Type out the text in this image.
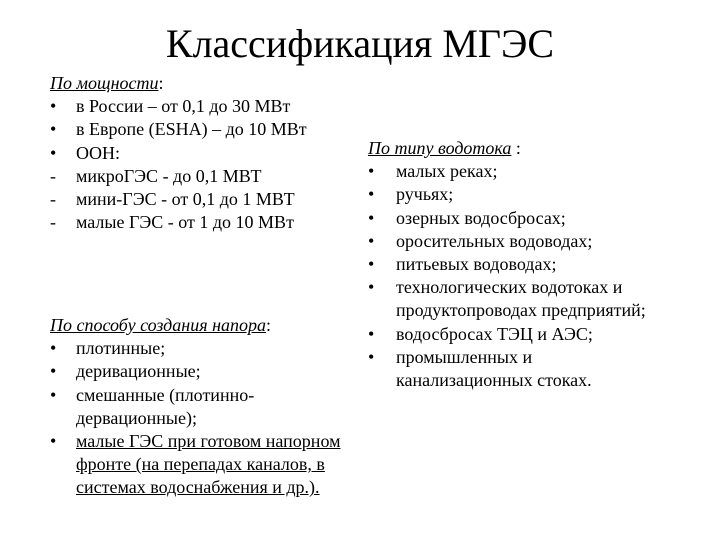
Классификация МГЭС
По мощности:
•	в России – от 0,1 до 30 МВт
•	в Европе (ESHA) – до 10 МВт
•	ООН:
-	микроГЭС - до 0,1 МВТ
-	мини-ГЭС - от 0,1 до 1 МВТ
-	малые ГЭС - от 1 до 10 МВт
По способу создания напора:
•	плотинные;
•	деривационные;
•	смешанные (плотинно-дервационные);
•	малые ГЭС при готовом напорном фронте (на перепадах каналов, в системах водоснабжения и др.).
По типу водотока :
•	малых реках;
•	ручьях;
•	озерных водосбросах;
•	оросительных водоводах;
•	питьевых водоводах;
•	технологических водотоках и продуктопроводах предприятий;
•	водосбросах ТЭЦ и АЭС;
•	промышленных и канализационных стоках.
